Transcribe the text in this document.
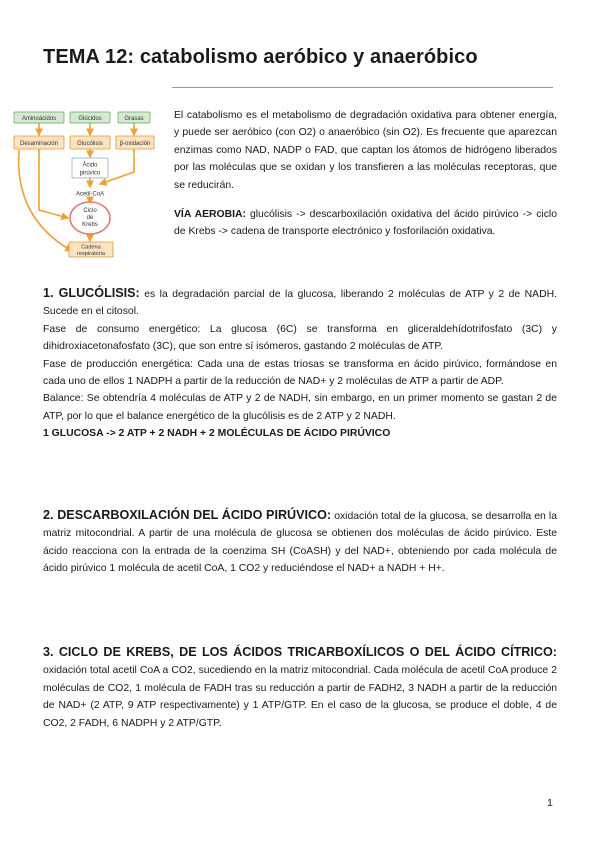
TEMA 12: catabolismo aeróbico y anaeróbico
Aminoácidos	Glúcidos	Grasas
Desaminación	Glucólisis	β-oxidación
Ácido
pirúvico
Acetil-CoA
Ciclo
de
Krebs
Cadena
respiratoria

El catabolismo es el metabolismo de degradación oxidativa para obtener energía, y puede ser aeróbico (con O2) o anaeróbico (sin O2). Es frecuente que aparezcan enzimas como NAD, NADP o FAD, que captan los átomos de hidrógeno liberados por las moléculas que se oxidan y los transfieren a las moléculas receptoras, que se reducirán.

VÍA AEROBIA: glucólisis -> descarboxilación oxidativa del ácido pirúvico -> ciclo de Krebs -> cadena de transporte electrónico y fosforilación oxidativa.

1. GLUCÓLISIS: es la degradación parcial de la glucosa, liberando 2 moléculas de ATP y 2 de NADH. Sucede en el citosol.

Fase de consumo energético: La glucosa (6C) se transforma en gliceraldehídotrifosfato (3C) y dihidroxiacetonafosfato (3C), que son entre sí isómeros, gastando 2 moléculas de ATP.

Fase de producción energética: Cada una de estas triosas se transforma en ácido pirúvico, formándose en cada uno de ellos 1 NADPH a partir de la reducción de NAD+ y 2 moléculas de ATP a partir de ADP.

Balance: Se obtendría 4 moléculas de ATP y 2 de NADH, sin embargo, en un primer momento se gastan 2 de ATP, por lo que el balance energético de la glucólisis es de 2 ATP y 2 NADH.

1 GLUCOSA -> 2 ATP + 2 NADH + 2 MOLÉCULAS DE ÁCIDO PIRÚVICO

2. DESCARBOXILACIÓN DEL ÁCIDO PIRÚVICO: oxidación total de la glucosa, se desarrolla en la matriz mitocondrial. A partir de una molécula de glucosa se obtienen dos moléculas de ácido pirúvico. Este ácido reacciona con la entrada de la coenzima SH (CoASH) y del NAD+, obteniendo por cada molécula de ácido pirúvico 1 molécula de acetil CoA, 1 CO2 y reduciéndose el NAD+ a NADH + H+.

3. CICLO DE KREBS, DE LOS ÁCIDOS TRICARBOXÍLICOS O DEL ÁCIDO CÍTRICO: oxidación total acetil CoA a CO2, sucediendo en la matriz mitocondrial. Cada molécula de acetil CoA produce 2 moléculas de CO2, 1 molécula de FADH tras su reducción a partir de FADH2, 3 NADH a partir de la reducción de NAD+ (2 ATP, 9 ATP respectivamente) y 1 ATP/GTP. En el caso de la glucosa, se produce el doble, 4 de CO2, 2 FADH, 6 NADPH y 2 ATP/GTP.

1
